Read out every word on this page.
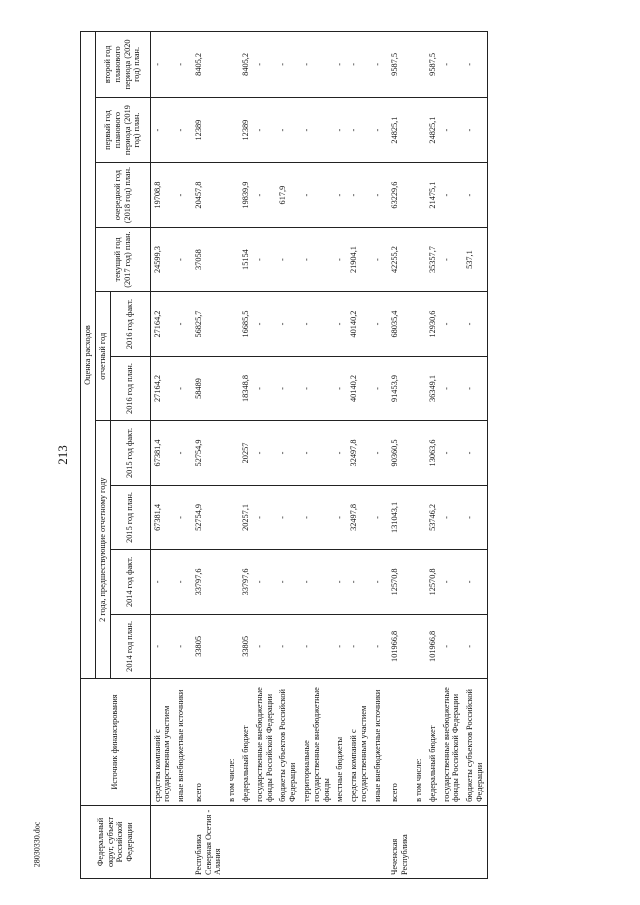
213
28030330.doc	Федеральный округ, субъект Российской Федерации	Источник финансирования	Оценка расходов									
		2 года, предшествующие отчетному году				отчетный год		текущий год (2017 год) план.	очередной год (2018 год) план.	первый год планового периода (2019 год) план.	второй год планового периода (2020 год) план.
		2014 год план.	2014 год факт.	2015 год план.	2015 год факт.	2016 год план.	2016 год факт.				
	средства компаний с государственным участием	-	-	67381,4	67381,4	27164,2	27164,2	24599,3	19708,8	-	-
	иные внебюджетные источники	-	-	-	-	-	-	-	-	-	-
Республика Северная Осетия - Алания	всего	33805	33797,6	52754,9	52754,9	58489	56825,7	37058	20457,8	12389	8405,2
	в том числе:										
	федеральный бюджет	33805	33797,6	20257,1	20257	18348,8	16685,5	15154	19839,9	12389	8405,2
	государственные внебюджетные фонды Российской Федерации	-	-	-	-	-	-	-	-	-	-
	бюджеты субъектов Российской Федерации	-	-	-	-	-	-	-	617,9	-	-
	территориальные государственные внебюджетные фонды	-	-	-	-	-	-	-	-	-	-
	местные бюджеты	-	-	-	-	-	-	-	-	-	-
	средства компаний с государственным участием	-	-	32497,8	32497,8	40140,2	40140,2	21904,1	-	-	-
	иные внебюджетные источники	-	-	-	-	-	-	-	-	-	-
Чеченская Республика	всего	101966,8	12570,8	131043,1	90360,5	91453,9	68035,4	42255,2	63229,6	24825,1	9587,5
	в том числе:										
	федеральный бюджет	101966,8	12570,8	53746,2	13063,6	36349,1	12930,6	35357,7	21475,1	24825,1	9587,5
	государственные внебюджетные фонды Российской Федерации	-	-	-	-	-	-	-	-	-	-
	бюджеты субъектов Российской Федерации	-	-	-	-	-	-	537,1	-	-	-
